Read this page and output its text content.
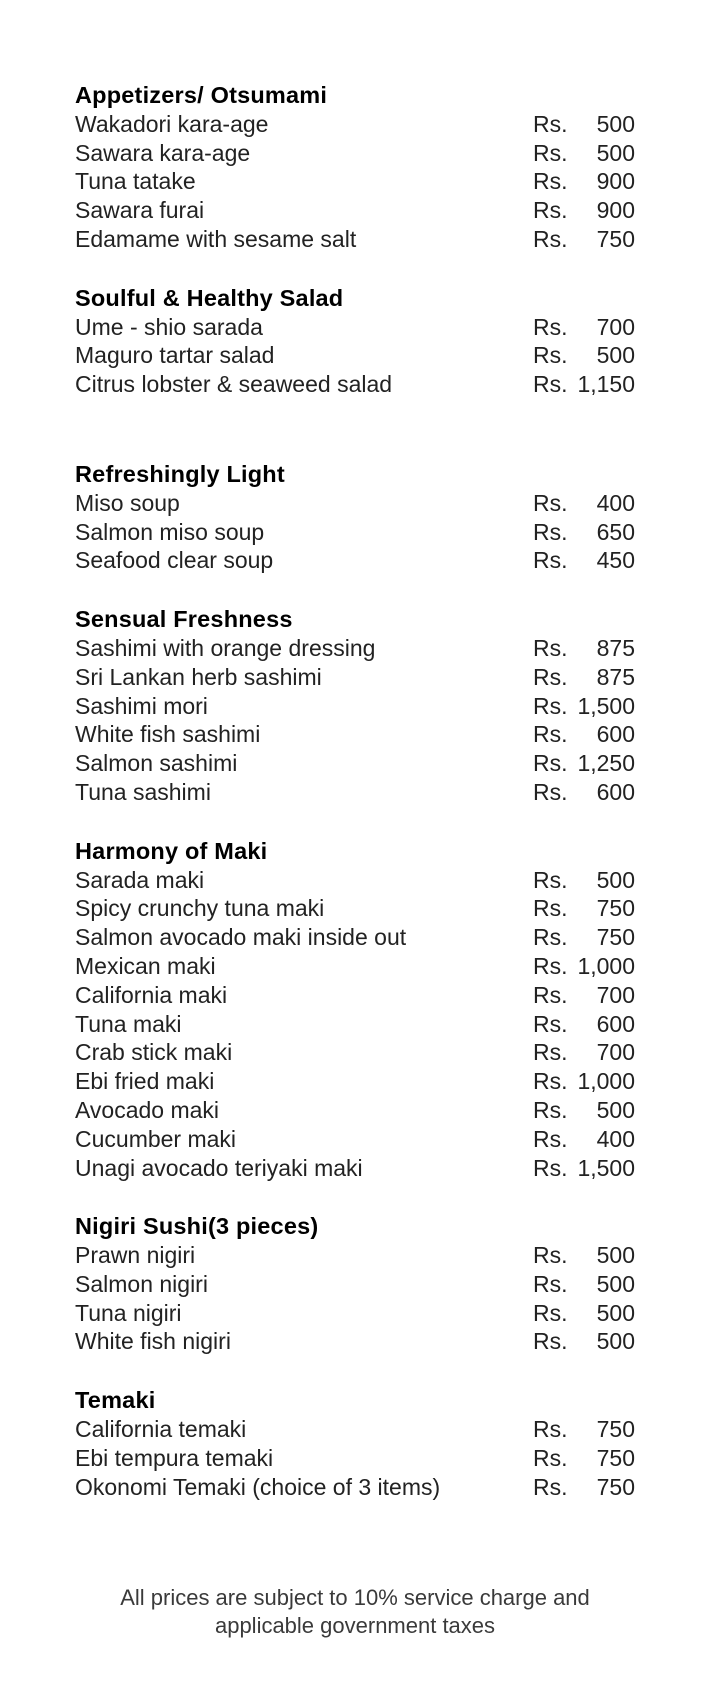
Appetizers/ Otsumami
Wakadori kara-age	Rs. 500
Sawara kara-age	Rs. 500
Tuna tatake	Rs. 900
Sawara furai	Rs. 900
Edamame with sesame salt	Rs. 750
Soulful & Healthy Salad
Ume - shio sarada	Rs. 700
Maguro tartar salad	Rs. 500
Citrus lobster & seaweed salad	Rs. 1,150
Refreshingly Light
Miso soup	Rs. 400
Salmon miso soup	Rs. 650
Seafood clear soup	Rs. 450
Sensual Freshness
Sashimi with orange dressing	Rs. 875
Sri Lankan herb sashimi	Rs. 875
Sashimi mori	Rs. 1,500
White fish sashimi	Rs. 600
Salmon sashimi	Rs. 1,250
Tuna sashimi	Rs. 600
Harmony of Maki
Sarada maki	Rs. 500
Spicy crunchy tuna maki	Rs. 750
Salmon avocado maki inside out	Rs. 750
Mexican maki	Rs. 1,000
California maki	Rs. 700
Tuna maki	Rs. 600
Crab stick maki	Rs. 700
Ebi fried maki	Rs. 1,000
Avocado maki	Rs. 500
Cucumber maki	Rs. 400
Unagi avocado teriyaki maki	Rs. 1,500
Nigiri Sushi(3 pieces)
Prawn nigiri	Rs. 500
Salmon nigiri	Rs. 500
Tuna nigiri	Rs. 500
White fish nigiri	Rs. 500
Temaki
California temaki	Rs. 750
Ebi tempura temaki	Rs. 750
Okonomi Temaki (choice of 3 items)	Rs. 750
All prices are subject to 10% service charge and
applicable government taxes
